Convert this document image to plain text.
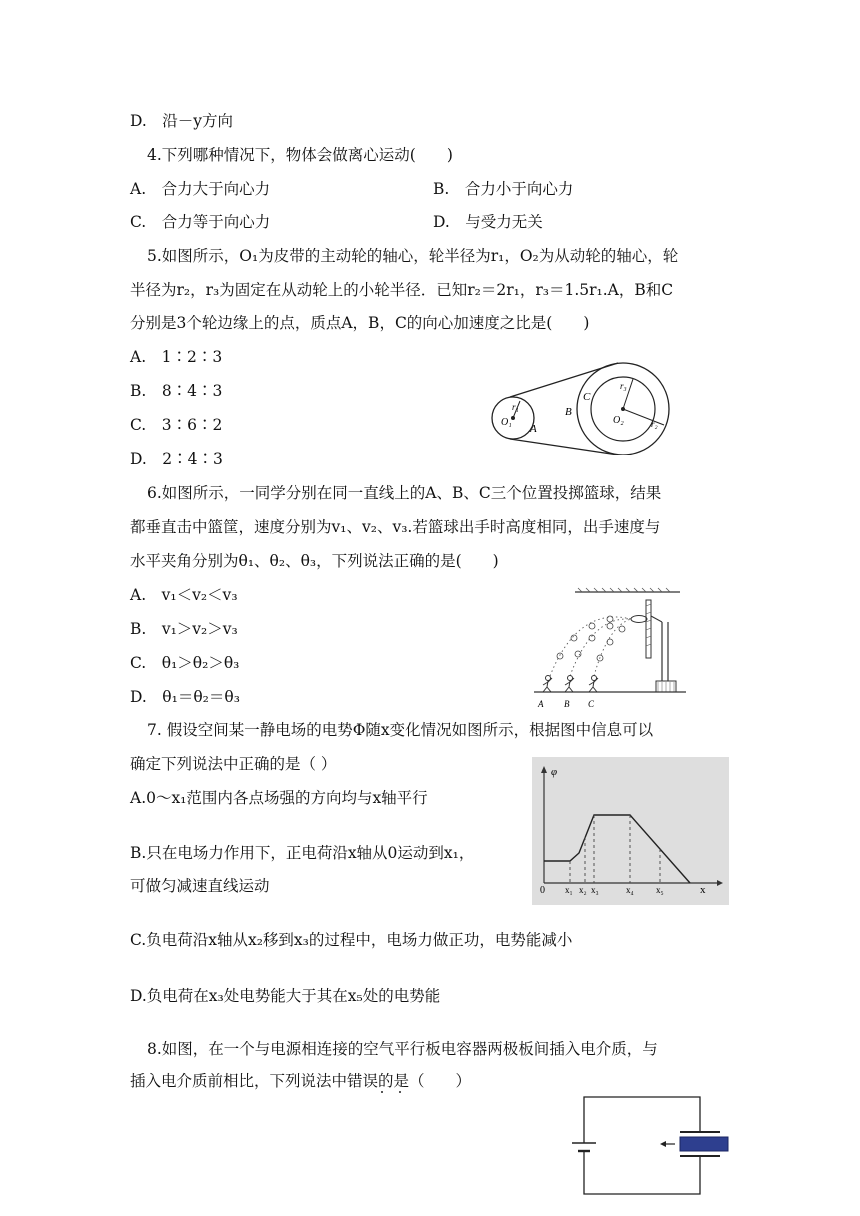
D.　沿－y方向
4.下列哪种情况下，物体会做离心运动(　　)
A.　合力大于向心力	B.　合力小于向心力
C.　合力等于向心力	D.　与受力无关
5.如图所示，O₁为皮带的主动轮的轴心，轮半径为r₁，O₂为从动轮的轴心，轮
半径为r₂，r₃为固定在从动轮上的小轮半径．已知r₂＝2r₁，r₃＝1.5r₁.A，B和C
分别是3个轮边缘上的点，质点A，B，C的向心加速度之比是(　　)
A.　1∶2∶3
B.　8∶4∶3
C.　3∶6∶2
D.　2∶4∶3
r₁
O₁
A
B
C
r₃
O₂	r₂
6.如图所示，一同学分别在同一直线上的A、B、C三个位置投掷篮球，结果
都垂直击中篮筐，速度分别为v₁、v₂、v₃.若篮球出手时高度相同，出手速度与
水平夹角分别为θ₁、θ₂、θ₃，下列说法正确的是(　　)
A.　v₁＜v₂＜v₃
B.　v₁＞v₂＞v₃
C.　θ₁＞θ₂＞θ₃
D.　θ₁＝θ₂＝θ₃	A B C
7. 假设空间某一静电场的电势Φ随x变化情况如图所示，根据图中信息可以
确定下列说法中正确的是（ ）
A.0～x₁范围内各点场强的方向均与x轴平行
B.只在电场力作用下，正电荷沿x轴从0运动到x₁，
可做匀减速直线运动
C.负电荷沿x轴从x₂移到x₃的过程中，电场力做正功，电势能减小
D.负电荷在x₃处电势能大于其在x₅处的电势能
φ
0	x
x₁ x₂ x₃	x₄ x₅
8.如图，在一个与电源相连接的空气平行板电容器两极板间插入电介质，与
插入电介质前相比，下列说法中错误的是（　　）
